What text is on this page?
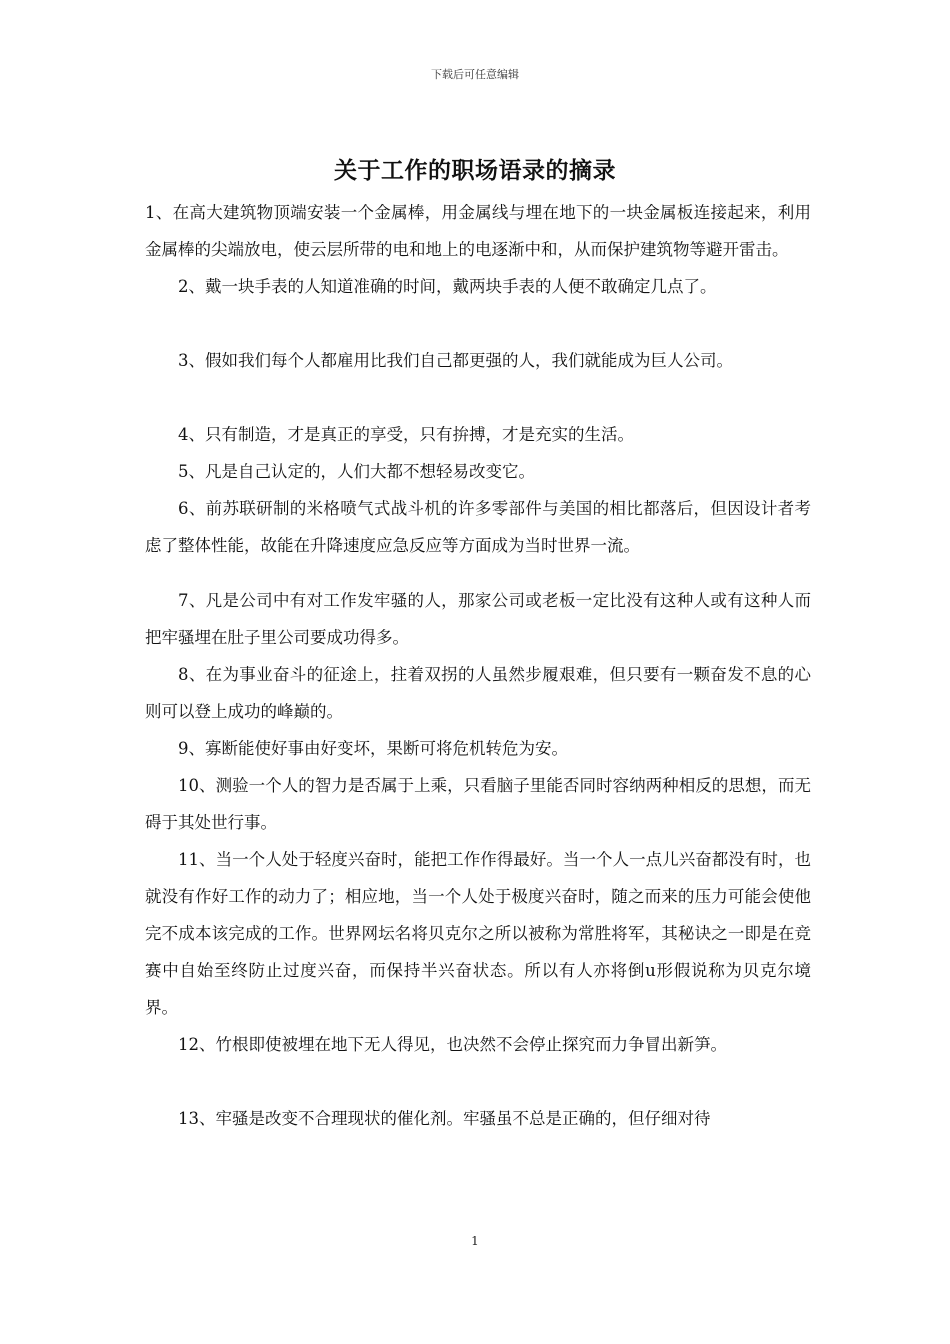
下载后可任意编辑
关于工作的职场语录的摘录

1、在高大建筑物顶端安装一个金属棒，用金属线与埋在地下的一块金属板连接起来，利用金属棒的尖端放电，使云层所带的电和地上的电逐渐中和，从而保护建筑物等避开雷击。

2、戴一块手表的人知道准确的时间，戴两块手表的人便不敢确定几点了。

3、假如我们每个人都雇用比我们自己都更强的人，我们就能成为巨人公司。

4、只有制造，才是真正的享受，只有拚搏，才是充实的生活。

5、凡是自己认定的，人们大都不想轻易改变它。

6、前苏联研制的米格喷气式战斗机的许多零部件与美国的相比都落后，但因设计者考虑了整体性能，故能在升降速度应急反应等方面成为当时世界一流。

7、凡是公司中有对工作发牢骚的人，那家公司或老板一定比没有这种人或有这种人而把牢骚埋在肚子里公司要成功得多。

8、在为事业奋斗的征途上，拄着双拐的人虽然步履艰难，但只要有一颗奋发不息的心则可以登上成功的峰巅的。

9、寡断能使好事由好变坏，果断可将危机转危为安。

10、测验一个人的智力是否属于上乘，只看脑子里能否同时容纳两种相反的思想，而无碍于其处世行事。

11、当一个人处于轻度兴奋时，能把工作作得最好。当一个人一点儿兴奋都没有时，也就没有作好工作的动力了；相应地，当一个人处于极度兴奋时，随之而来的压力可能会使他完不成本该完成的工作。世界网坛名将贝克尔之所以被称为常胜将军，其秘诀之一即是在竞赛中自始至终防止过度兴奋，而保持半兴奋状态。所以有人亦将倒u形假说称为贝克尔境界。

12、竹根即使被埋在地下无人得见，也决然不会停止探究而力争冒出新笋。

13、牢骚是改变不合理现状的催化剂。牢骚虽不总是正确的，但仔细对待

1
